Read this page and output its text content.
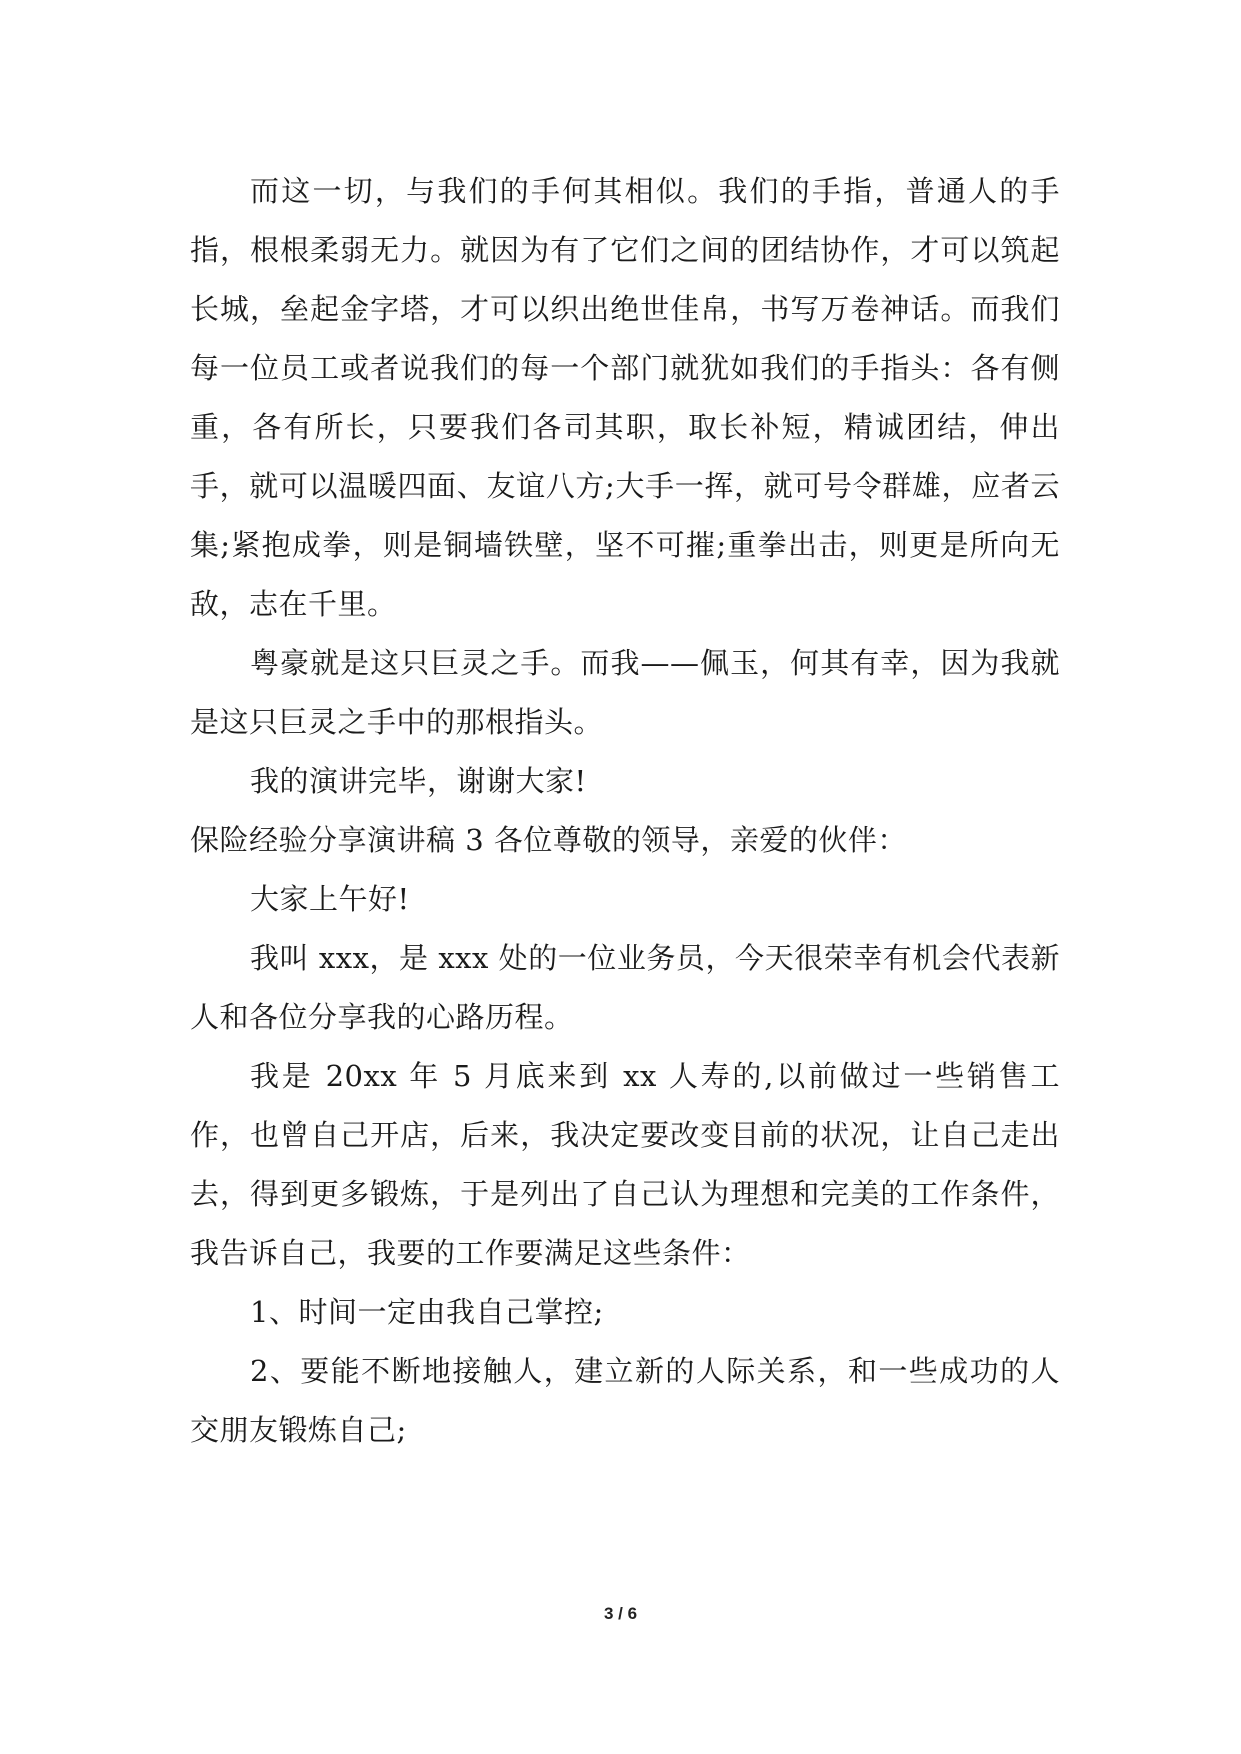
而这一切，与我们的手何其相似。我们的手指，普通人的手指，根根柔弱无力。就因为有了它们之间的团结协作，才可以筑起长城，垒起金字塔，才可以织出绝世佳帛，书写万卷神话。而我们每一位员工或者说我们的每一个部门就犹如我们的手指头：各有侧重，各有所长，只要我们各司其职，取长补短，精诚团结，伸出手，就可以温暖四面、友谊八方;大手一挥，就可号令群雄，应者云集;紧抱成拳，则是铜墙铁壁，坚不可摧;重拳出击，则更是所向无敌，志在千里。

粤豪就是这只巨灵之手。而我——佩玉，何其有幸，因为我就是这只巨灵之手中的那根指头。

我的演讲完毕，谢谢大家!

保险经验分享演讲稿 3 各位尊敬的领导，亲爱的伙伴：

大家上午好!

我叫 xxx，是 xxx 处的一位业务员，今天很荣幸有机会代表新人和各位分享我的心路历程。

我是 20xx 年 5 月底来到 xx 人寿的,以前做过一些销售工作，也曾自己开店，后来，我决定要改变目前的状况，让自己走出去，得到更多锻炼，于是列出了自己认为理想和完美的工作条件，我告诉自己，我要的工作要满足这些条件：

1、时间一定由我自己掌控;

2、要能不断地接触人，建立新的人际关系，和一些成功的人交朋友锻炼自己;

3 / 6
